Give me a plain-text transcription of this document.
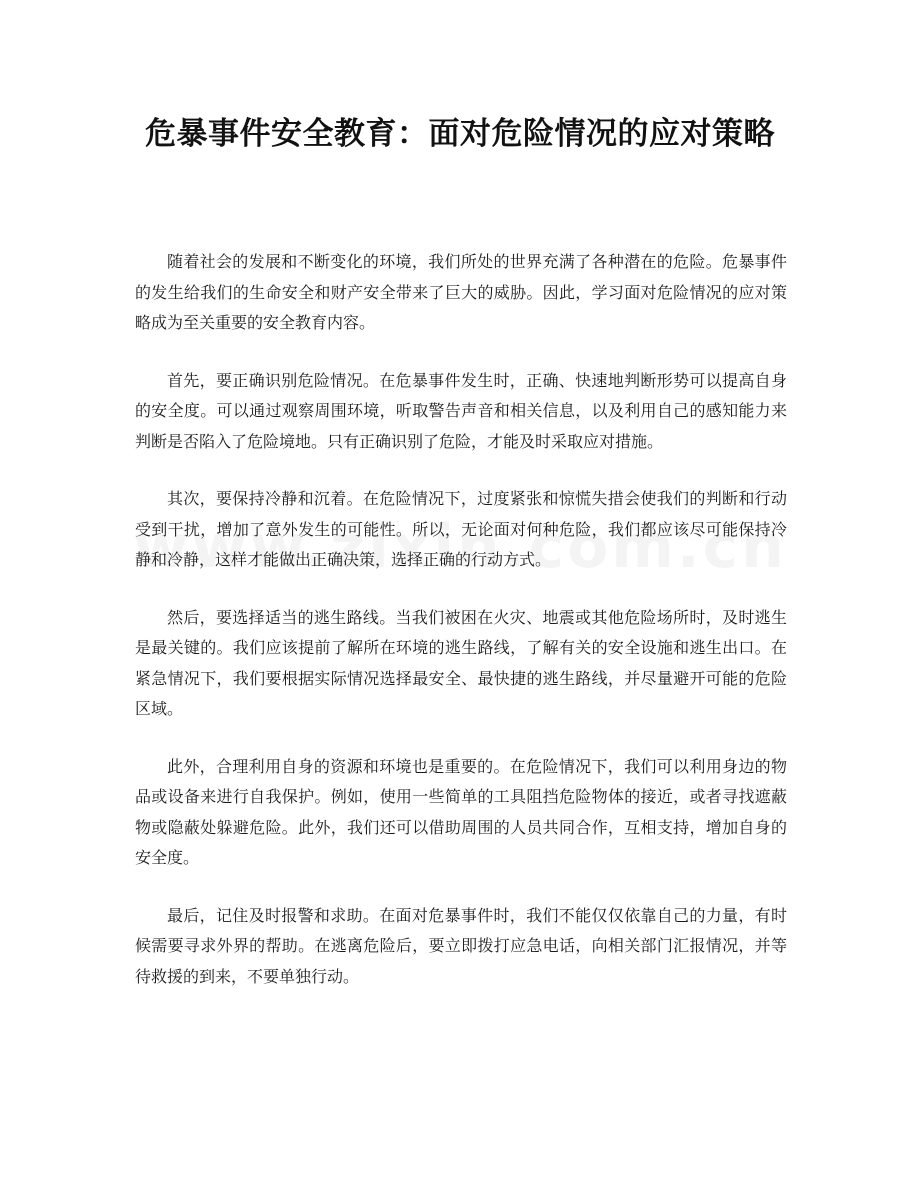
危暴事件安全教育：面对危险情况的应对策略

随着社会的发展和不断变化的环境，我们所处的世界充满了各种潜在的危险。危暴事件的发生给我们的生命安全和财产安全带来了巨大的威胁。因此，学习面对危险情况的应对策略成为至关重要的安全教育内容。

首先，要正确识别危险情况。在危暴事件发生时，正确、快速地判断形势可以提高自身的安全度。可以通过观察周围环境，听取警告声音和相关信息，以及利用自己的感知能力来判断是否陷入了危险境地。只有正确识别了危险，才能及时采取应对措施。

其次，要保持冷静和沉着。在危险情况下，过度紧张和惊慌失措会使我们的判断和行动受到干扰，增加了意外发生的可能性。所以，无论面对何种危险，我们都应该尽可能保持冷静和冷静，这样才能做出正确决策，选择正确的行动方式。

然后，要选择适当的逃生路线。当我们被困在火灾、地震或其他危险场所时，及时逃生是最关键的。我们应该提前了解所在环境的逃生路线，了解有关的安全设施和逃生出口。在紧急情况下，我们要根据实际情况选择最安全、最快捷的逃生路线，并尽量避开可能的危险区域。

此外，合理利用自身的资源和环境也是重要的。在危险情况下，我们可以利用身边的物品或设备来进行自我保护。例如，使用一些简单的工具阻挡危险物体的接近，或者寻找遮蔽物或隐蔽处躲避危险。此外，我们还可以借助周围的人员共同合作，互相支持，增加自身的安全度。

最后，记住及时报警和求助。在面对危暴事件时，我们不能仅仅依靠自己的力量，有时候需要寻求外界的帮助。在逃离危险后，要立即拨打应急电话，向相关部门汇报情况，并等待救援的到来，不要单独行动。
